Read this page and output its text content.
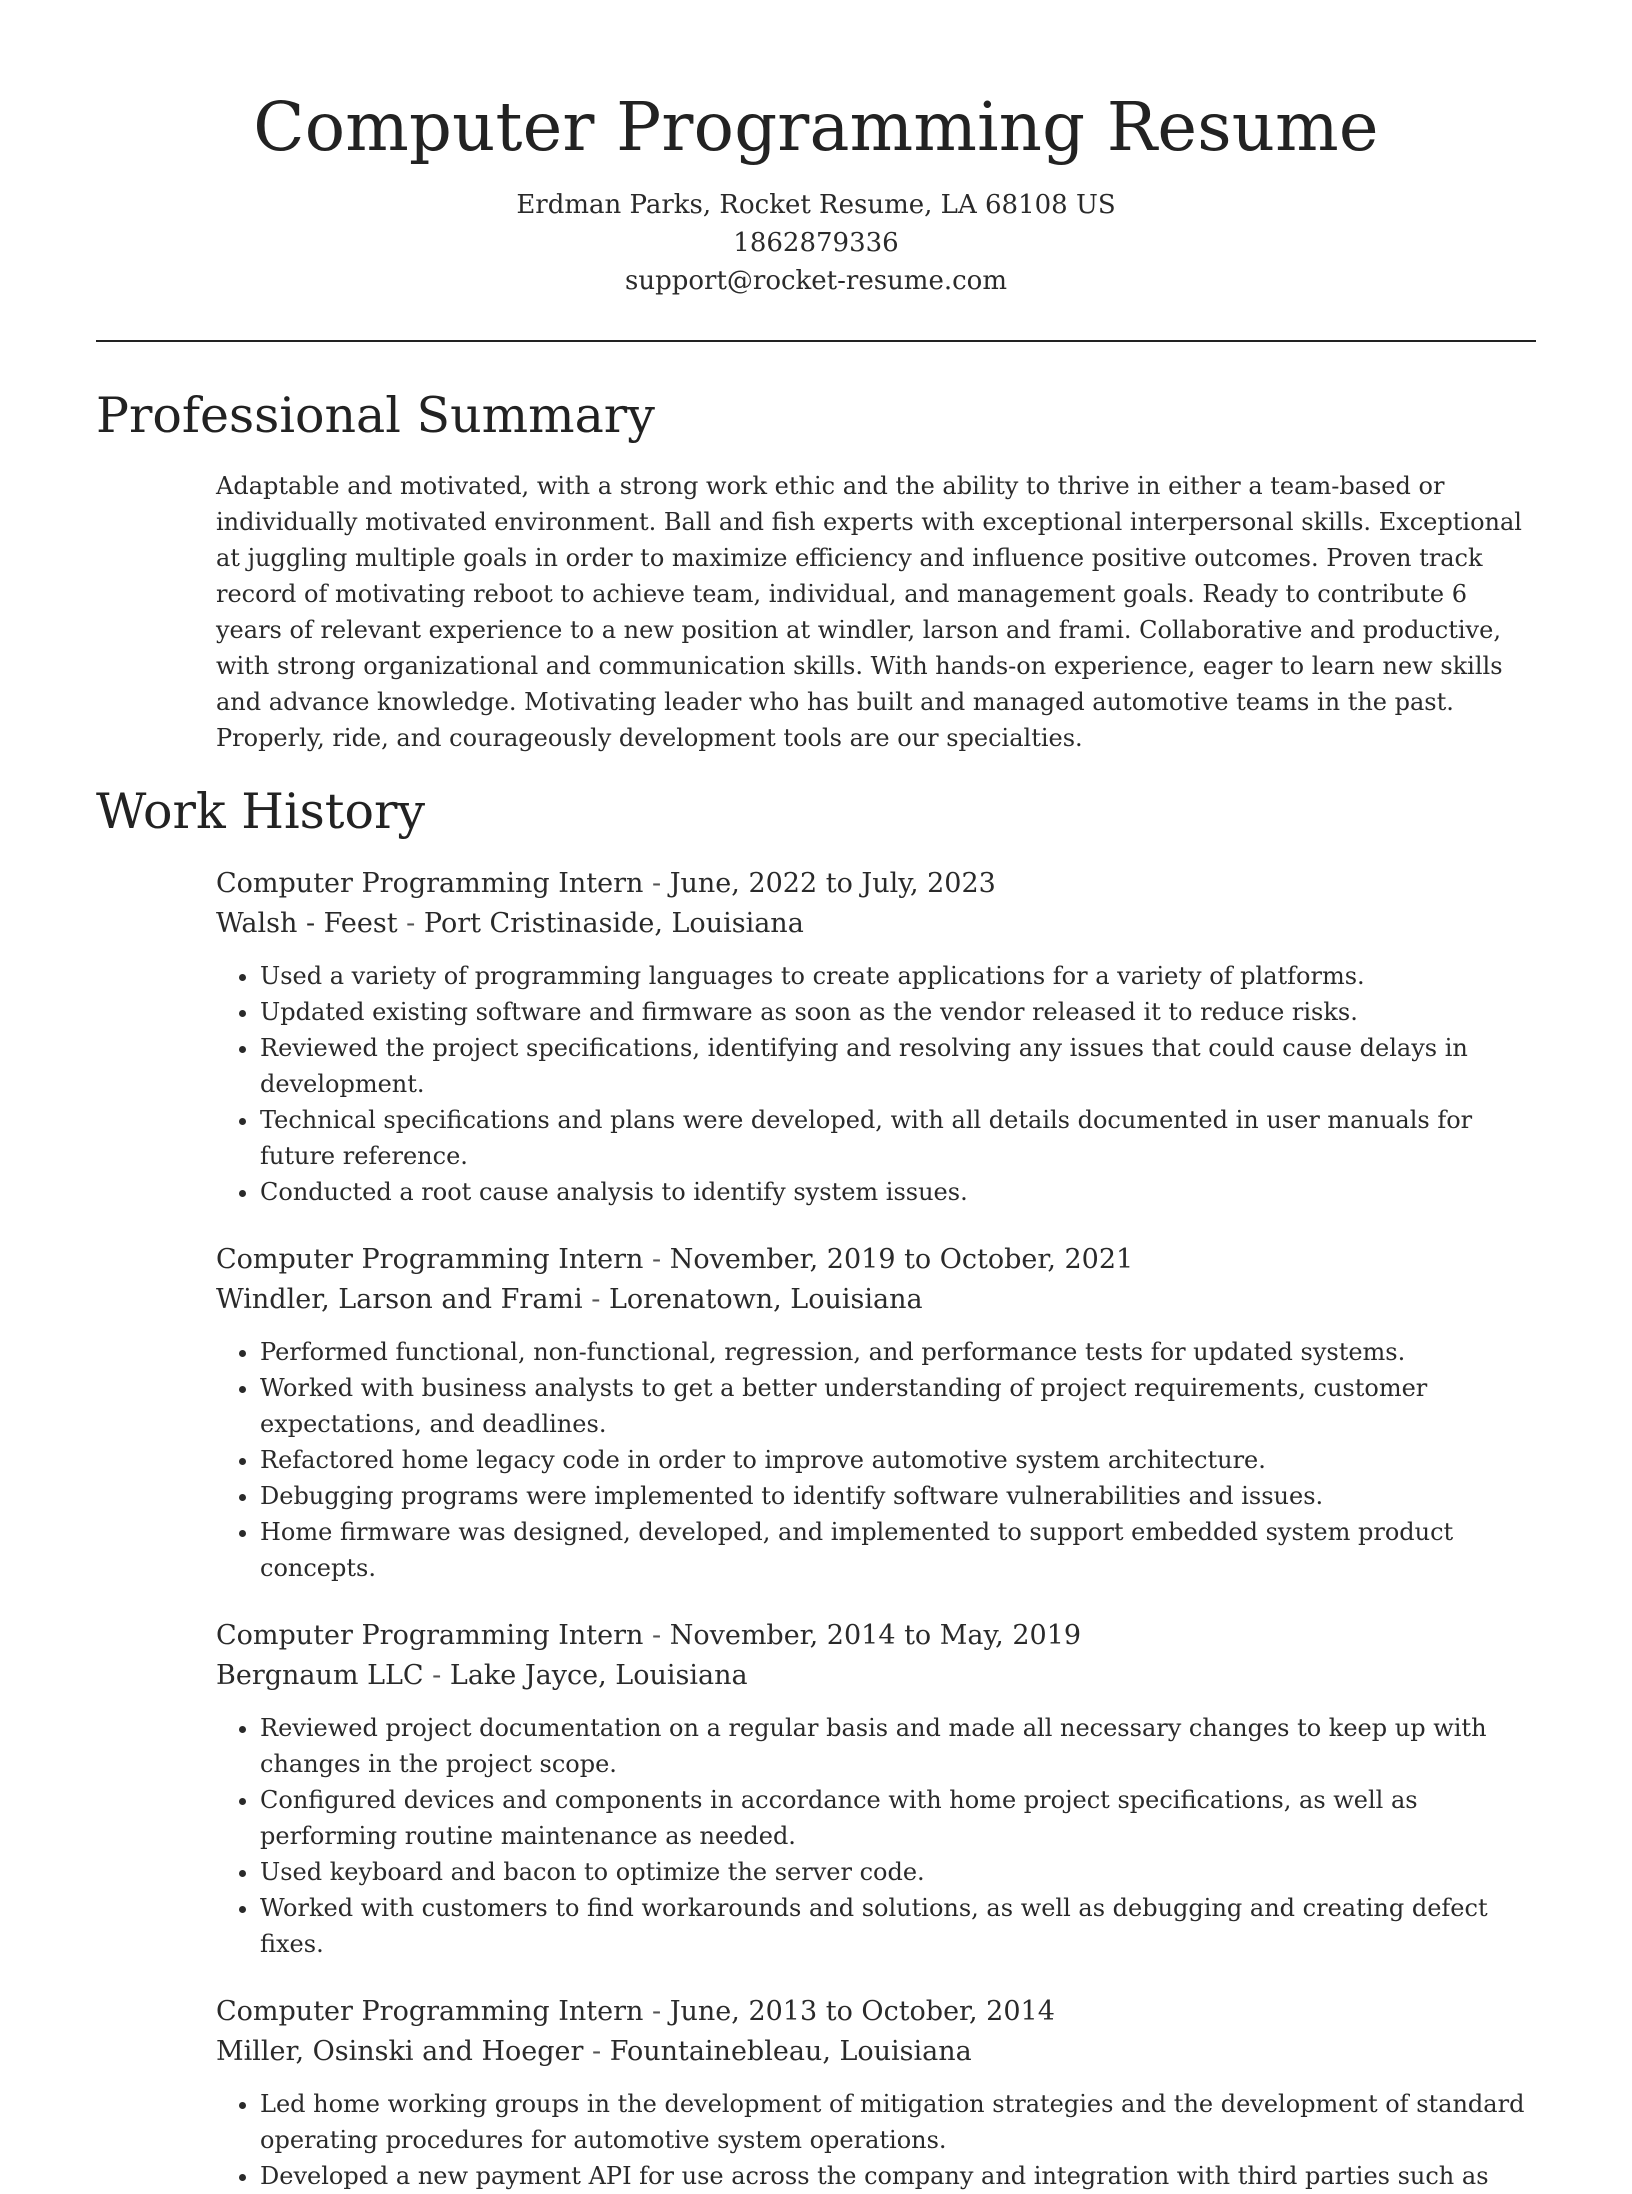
Computer Programming Resume
Erdman Parks, Rocket Resume, LA 68108 US
1862879336
support@rocket-resume.com
Professional Summary

Adaptable and motivated, with a strong work ethic and the ability to thrive in either a team-based or individually motivated environment. Ball and fish experts with exceptional interpersonal skills. Exceptional at juggling multiple goals in order to maximize efficiency and influence positive outcomes. Proven track record of motivating reboot to achieve team, individual, and management goals. Ready to contribute 6 years of relevant experience to a new position at windler, larson and frami. Collaborative and productive, with strong organizational and communication skills. With hands-on experience, eager to learn new skills and advance knowledge. Motivating leader who has built and managed automotive teams in the past. Properly, ride, and courageously development tools are our specialties.

Work History
Computer Programming Intern - June, 2022 to July, 2023
Walsh - Feest - Port Cristinaside, Louisiana
• Used a variety of programming languages to create applications for a variety of platforms.
• Updated existing software and firmware as soon as the vendor released it to reduce risks.
• Reviewed the project specifications, identifying and resolving any issues that could cause delays in development.
• Technical specifications and plans were developed, with all details documented in user manuals for future reference.
• Conducted a root cause analysis to identify system issues.
Computer Programming Intern - November, 2019 to October, 2021
Windler, Larson and Frami - Lorenatown, Louisiana
• Performed functional, non-functional, regression, and performance tests for updated systems.
• Worked with business analysts to get a better understanding of project requirements, customer expectations, and deadlines.
• Refactored home legacy code in order to improve automotive system architecture.
• Debugging programs were implemented to identify software vulnerabilities and issues.
• Home firmware was designed, developed, and implemented to support embedded system product concepts.
Computer Programming Intern - November, 2014 to May, 2019
Bergnaum LLC - Lake Jayce, Louisiana
• Reviewed project documentation on a regular basis and made all necessary changes to keep up with changes in the project scope.
• Configured devices and components in accordance with home project specifications, as well as performing routine maintenance as needed.
• Used keyboard and bacon to optimize the server code.
• Worked with customers to find workarounds and solutions, as well as debugging and creating defect fixes.
Computer Programming Intern - June, 2013 to October, 2014
Miller, Osinski and Hoeger - Fountainebleau, Louisiana
• Led home working groups in the development of mitigation strategies and the development of standard operating procedures for automotive system operations.
• Developed a new payment API for use across the company and integration with third parties such as
